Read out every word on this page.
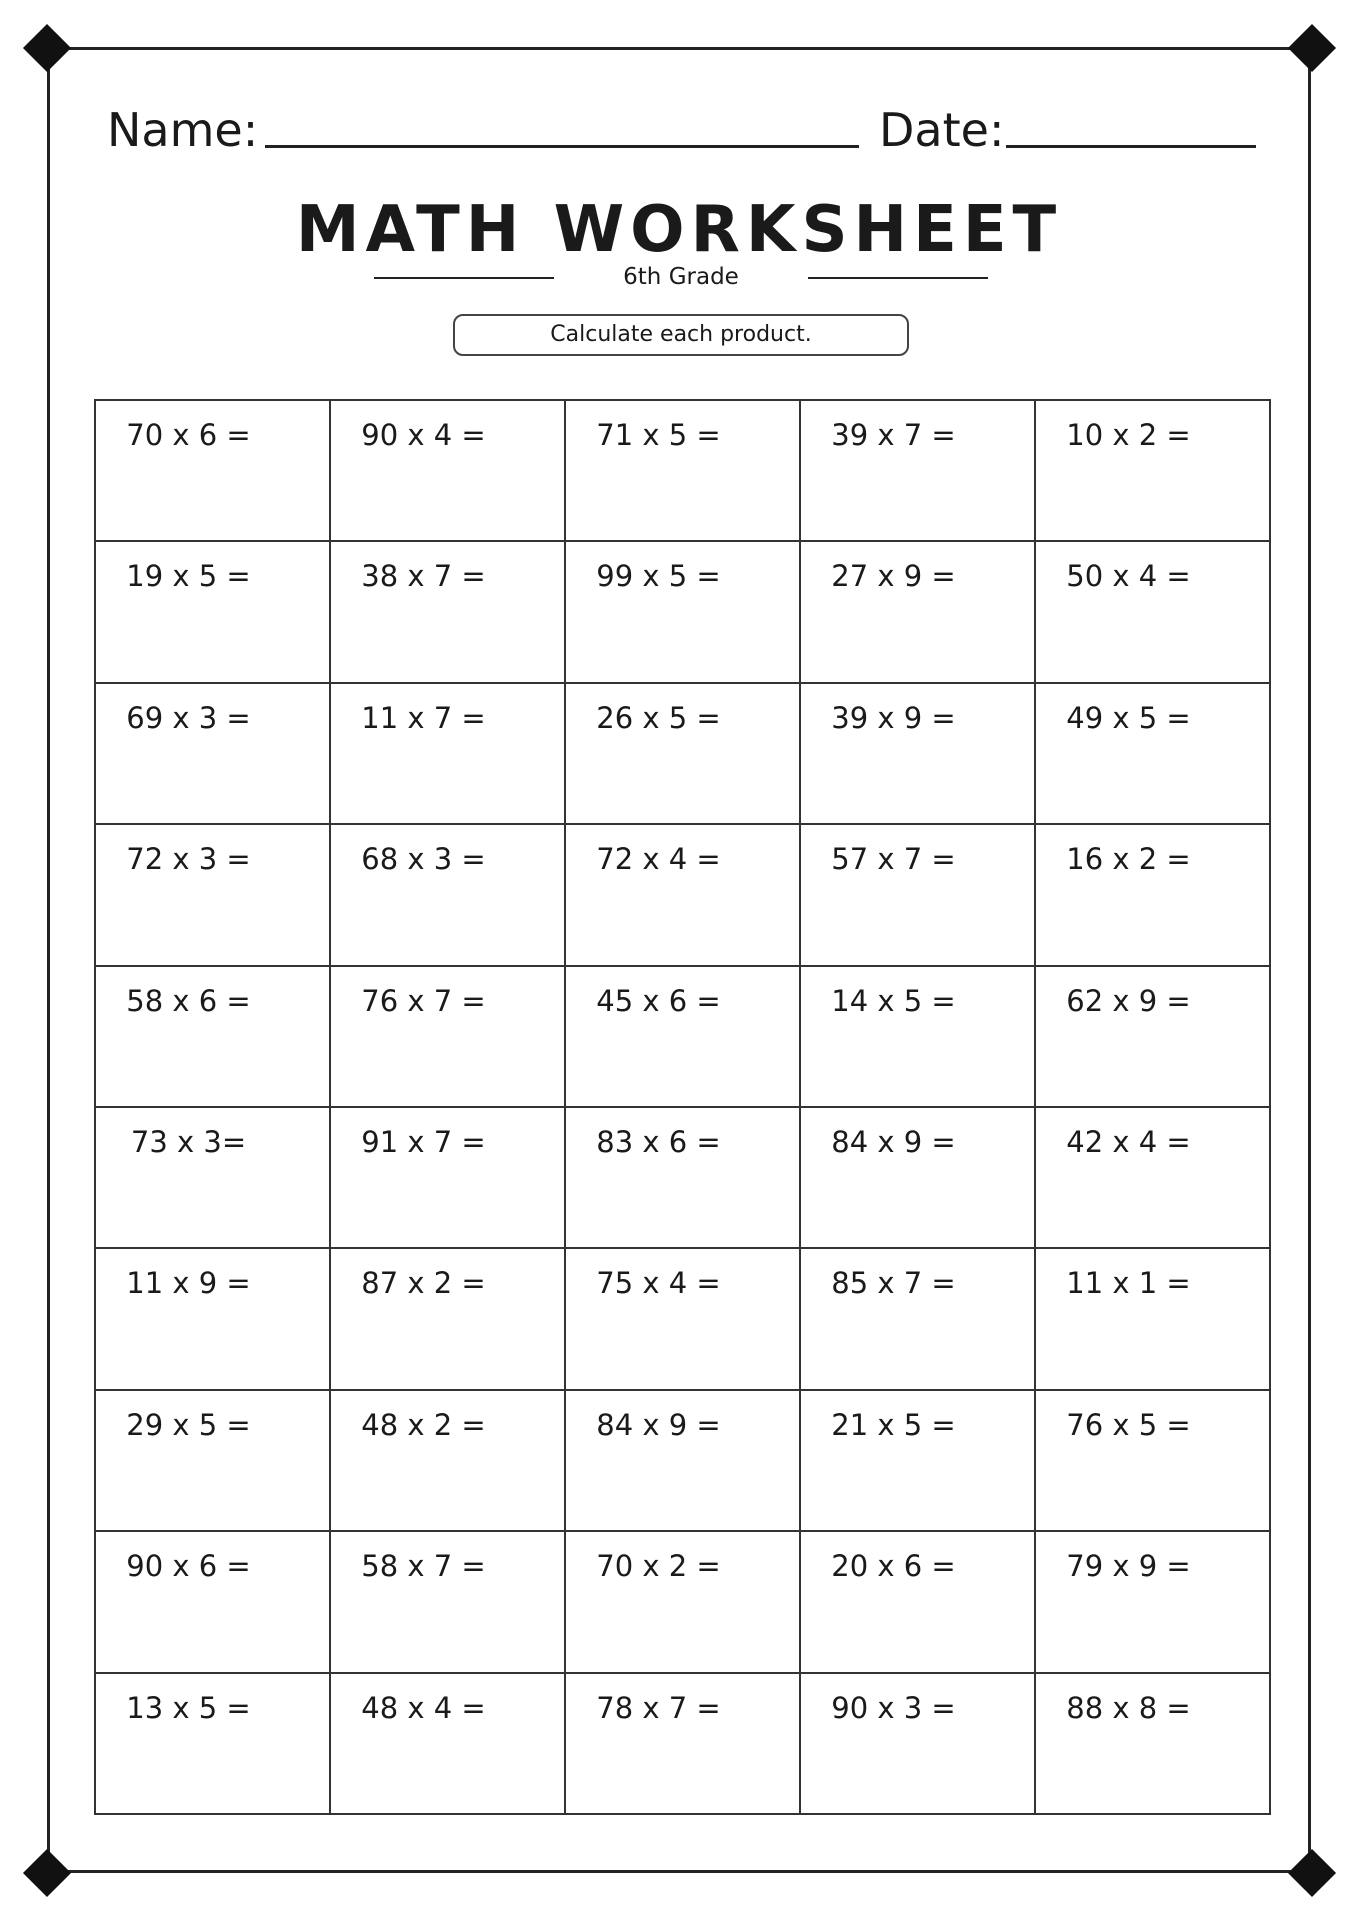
Name:	Date:
MATH WORKSHEET
6th Grade
Calculate each product.
70 x 6 =	90 x 4 =	71 x 5 =	39 x 7 =	10 x 2 =
19 x 5 =	38 x 7 =	99 x 5 =	27 x 9 =	50 x 4 =
69 x 3 =	11 x 7 =	26 x 5 =	39 x 9 =	49 x 5 =
72 x 3 =	68 x 3 =	72 x 4 =	57 x 7 =	16 x 2 =
58 x 6 =	76 x 7 =	45 x 6 =	14 x 5 =	62 x 9 =
73 x 3=	91 x 7 =	83 x 6 =	84 x 9 =	42 x 4 =
11 x 9 =	87 x 2 =	75 x 4 =	85 x 7 =	11 x 1 =
29 x 5 =	48 x 2 =	84 x 9 =	21 x 5 =	76 x 5 =
90 x 6 =	58 x 7 =	70 x 2 =	20 x 6 =	79 x 9 =
13 x 5 =	48 x 4 =	78 x 7 =	90 x 3 =	88 x 8 =
